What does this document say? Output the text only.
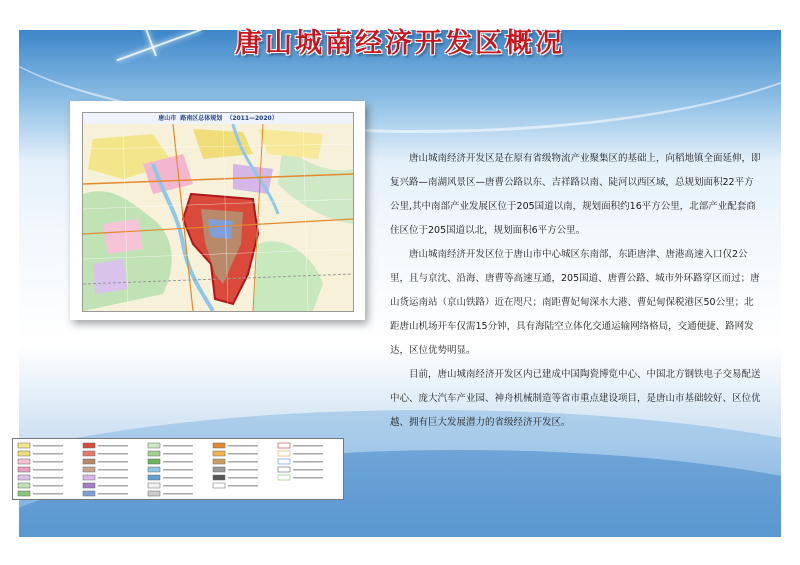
唐山城南经济开发区概况
唐山市 路南区总体规划 （2011—2020）

唐山城南经济开发区是在原有省级物流产业聚集区的基础上，向稻地镇全面延伸，即复兴路—南湖风景区—唐曹公路以东、吉祥路以南、陡河以西区域，总规划面积22平方公里,其中南部产业发展区位于205国道以南，规划面积约16平方公里，北部产业配套商住区位于205国道以北，规划面积6平方公里。

唐山城南经济开发区位于唐山市中心城区东南部，东距唐津、唐港高速入口仅2公里，且与京沈、沿海、唐曹等高速互通，205国道、唐曹公路、城市外环路穿区而过；唐山货运南站（京山铁路）近在咫尺；南距曹妃甸深水大港、曹妃甸保税港区50公里；北距唐山机场开车仅需15分钟，具有海陆空立体化交通运输网络格局，交通便捷、路网发达，区位优势明显。

目前，唐山城南经济开发区内已建成中国陶瓷博览中心、中国北方钢铁电子交易配送中心、庞大汽车产业园、神舟机械制造等省市重点建设项目，是唐山市基础较好、区位优越、拥有巨大发展潜力的省级经济开发区。
